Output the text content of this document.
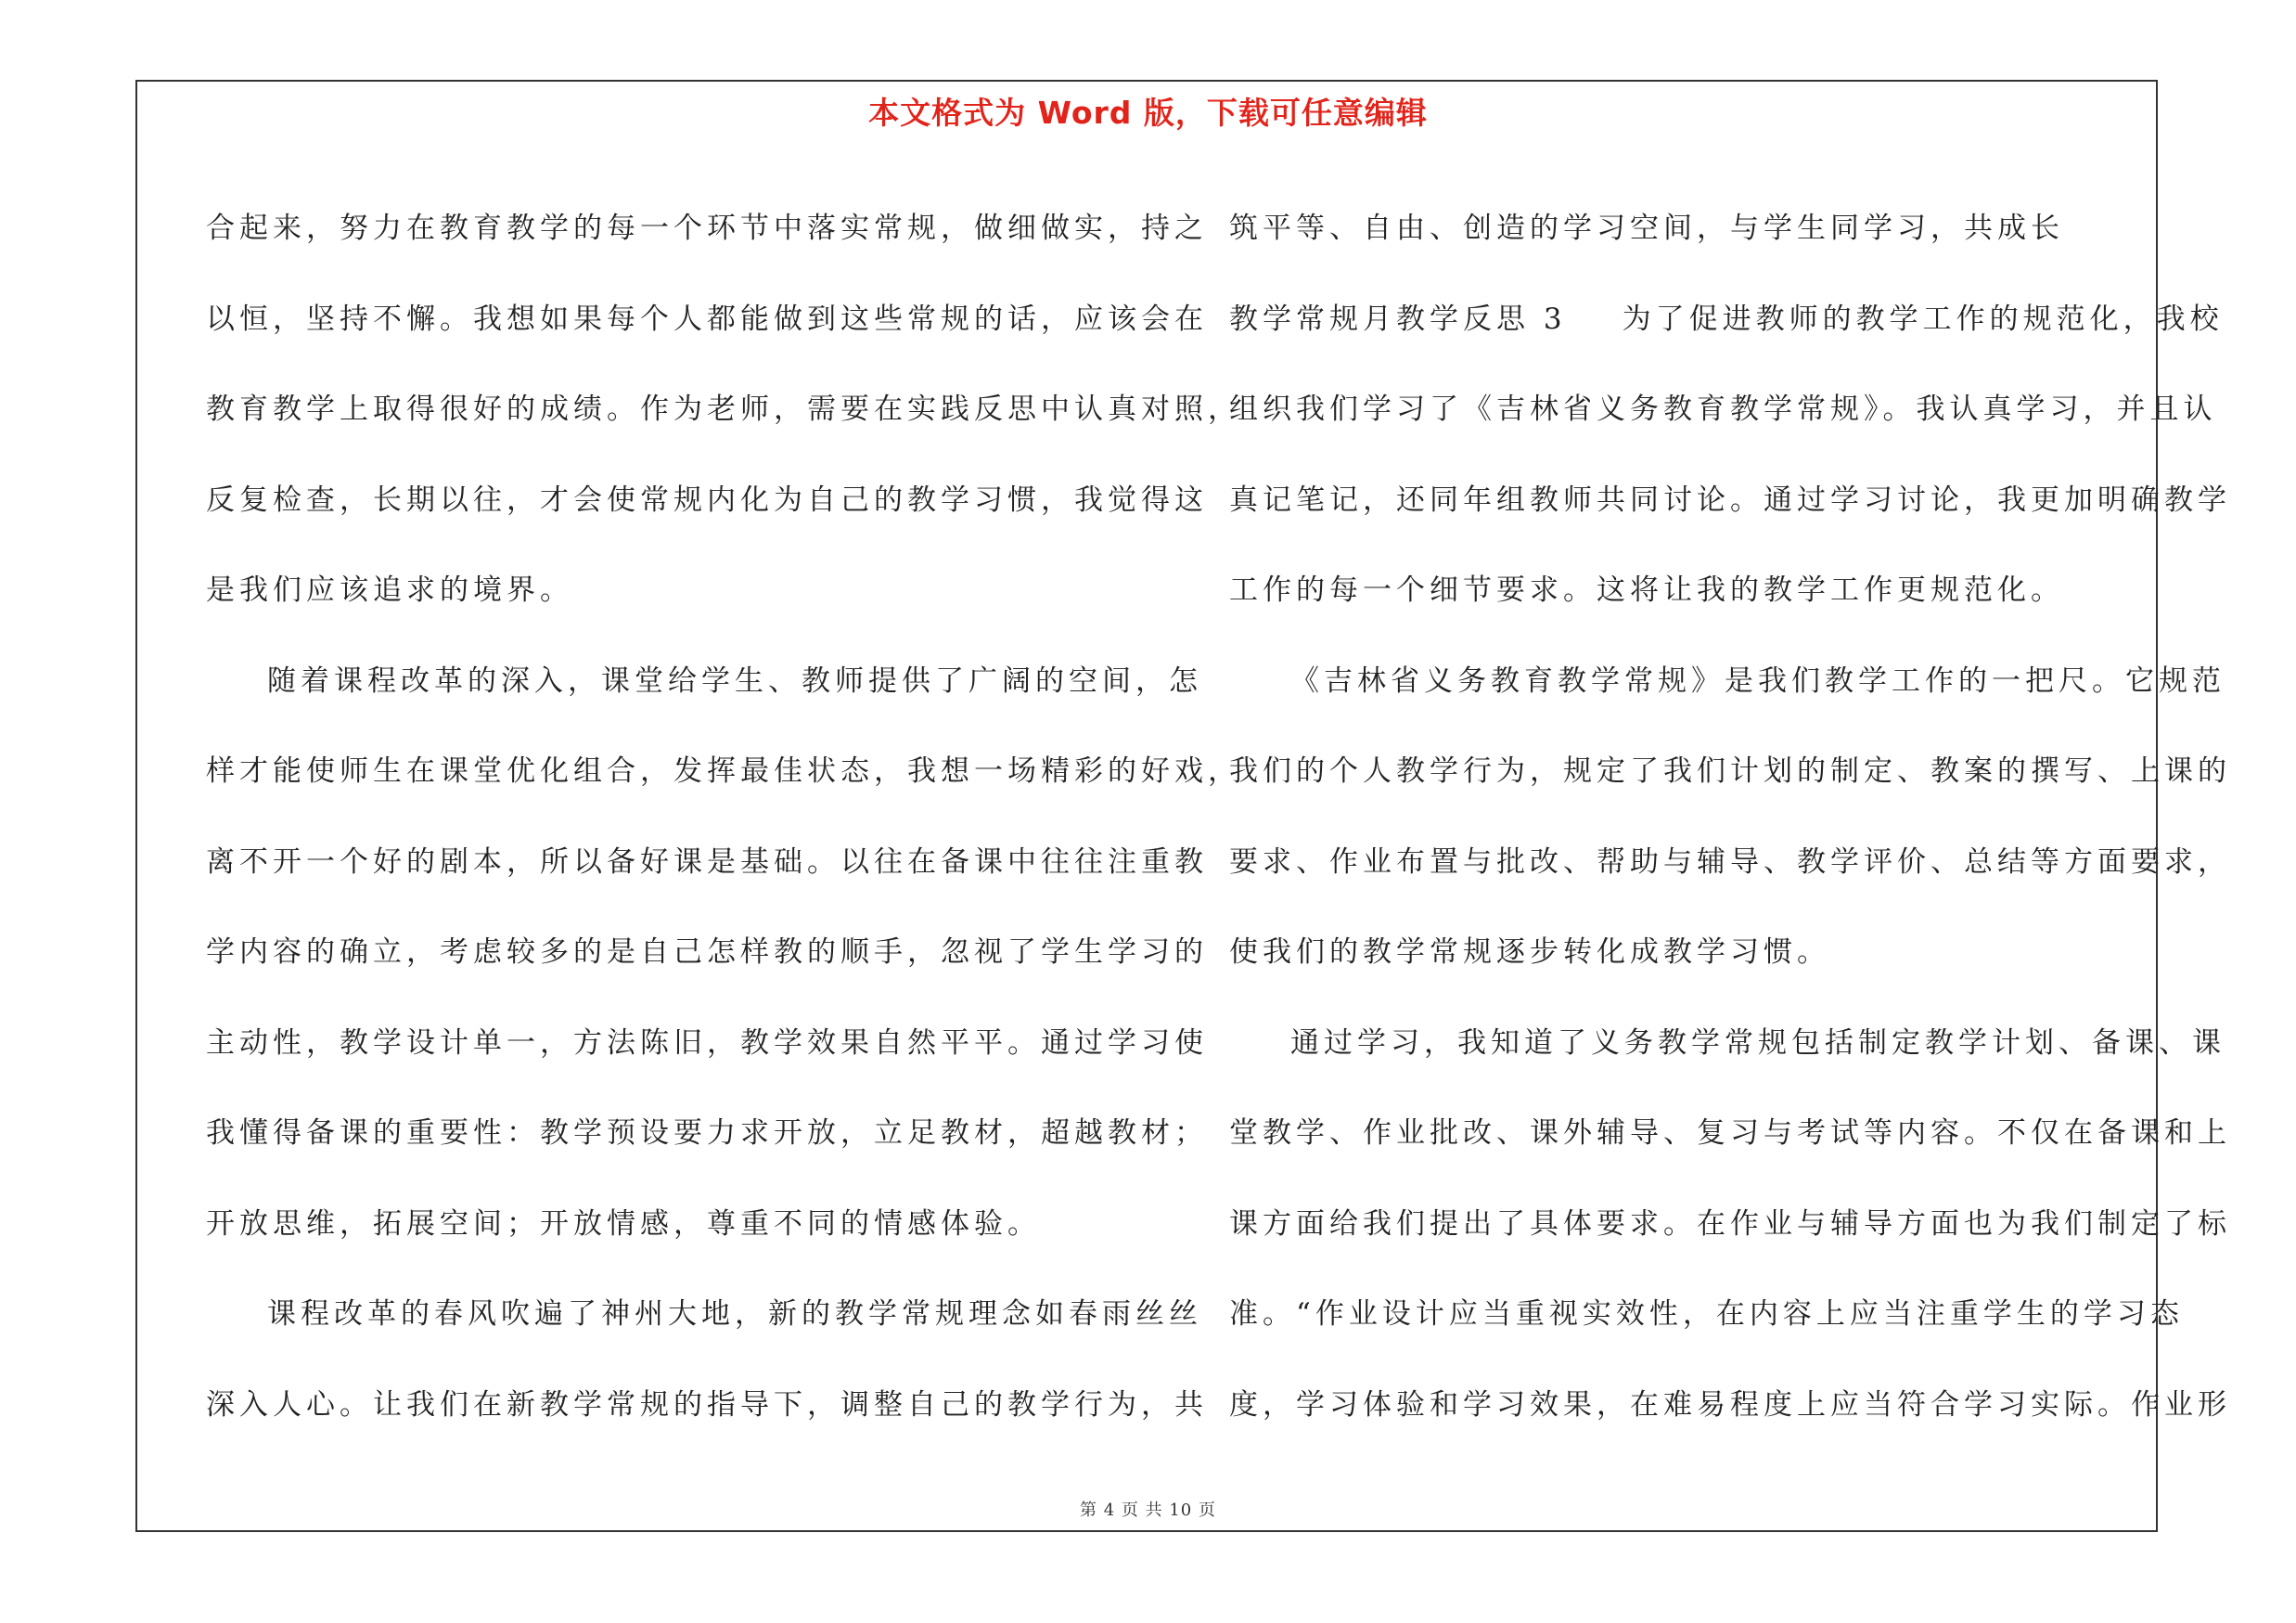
本文格式为 Word 版，下载可任意编辑
合起来，努力在教育教学的每一个环节中落实常规，做细做实，持之
以恒，坚持不懈。我想如果每个人都能做到这些常规的话，应该会在
教育教学上取得很好的成绩。作为老师，需要在实践反思中认真对照，
反复检查，长期以往，才会使常规内化为自己的教学习惯，我觉得这
是我们应该追求的境界。
随着课程改革的深入，课堂给学生、教师提供了广阔的空间，怎
样才能使师生在课堂优化组合，发挥最佳状态，我想一场精彩的好戏，
离不开一个好的剧本，所以备好课是基础。以往在备课中往往注重教
学内容的确立，考虑较多的是自己怎样教的顺手，忽视了学生学习的
主动性，教学设计单一，方法陈旧，教学效果自然平平。通过学习使
我懂得备课的重要性：教学预设要力求开放，立足教材，超越教材；
开放思维，拓展空间；开放情感，尊重不同的情感体验。
课程改革的春风吹遍了神州大地，新的教学常规理念如春雨丝丝
深入人心。让我们在新教学常规的指导下，调整自己的教学行为，共
筑平等、自由、创造的学习空间，与学生同学习，共成长
教学常规月教学反思 3 为了促进教师的教学工作的规范化，我校
组织我们学习了《吉林省义务教育教学常规》。我认真学习，并且认
真记笔记，还同年组教师共同讨论。通过学习讨论，我更加明确教学
工作的每一个细节要求。这将让我的教学工作更规范化。
《吉林省义务教育教学常规》是我们教学工作的一把尺。它规范
我们的个人教学行为，规定了我们计划的制定、教案的撰写、上课的
要求、作业布置与批改、帮助与辅导、教学评价、总结等方面要求，
使我们的教学常规逐步转化成教学习惯。
通过学习，我知道了义务教学常规包括制定教学计划、备课、课
堂教学、作业批改、课外辅导、复习与考试等内容。不仅在备课和上
课方面给我们提出了具体要求。在作业与辅导方面也为我们制定了标
准。“作业设计应当重视实效性，在内容上应当注重学生的学习态
度，学习体验和学习效果，在难易程度上应当符合学习实际。作业形
第 4 页 共 10 页
